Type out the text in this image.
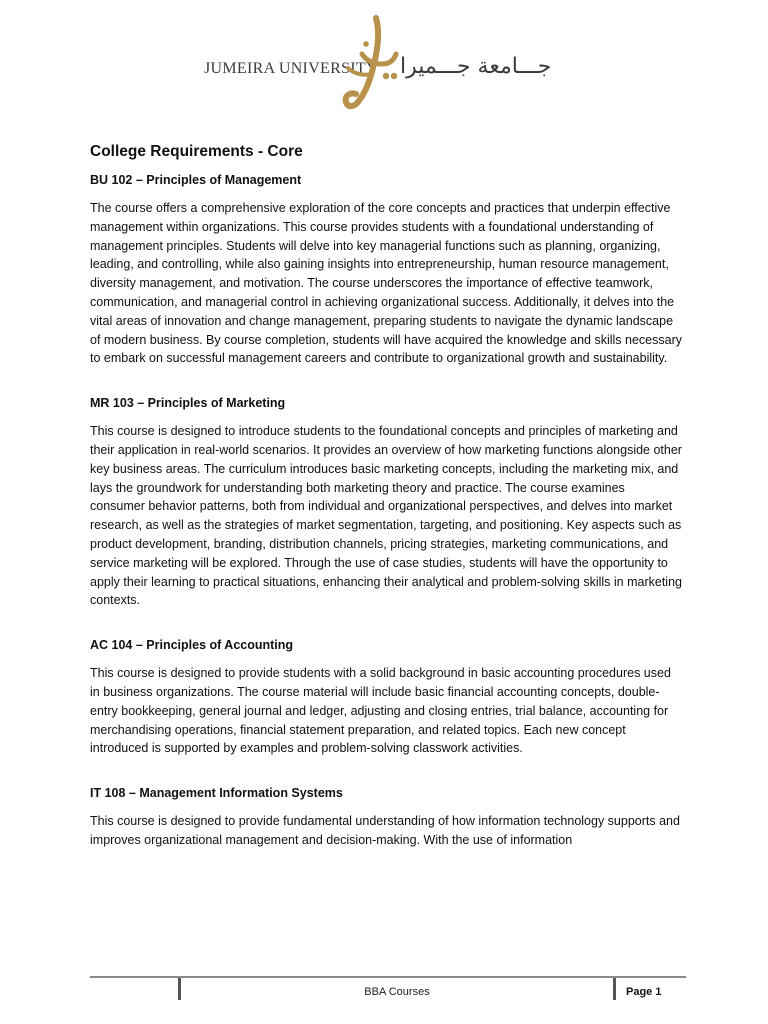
JUMEIRA UNIVERSITY جـــامعة جـــميرا
College Requirements - Core

BU 102 – Principles of Management

The course offers a comprehensive exploration of the core concepts and practices that underpin effective management within organizations. This course provides students with a foundational understanding of management principles. Students will delve into key managerial functions such as planning, organizing, leading, and controlling, while also gaining insights into entrepreneurship, human resource management, diversity management, and motivation. The course underscores the importance of effective teamwork, communication, and managerial control in achieving organizational success. Additionally, it delves into the vital areas of innovation and change management, preparing students to navigate the dynamic landscape of modern business. By course completion, students will have acquired the knowledge and skills necessary to embark on successful management careers and contribute to organizational growth and sustainability.

MR 103 – Principles of Marketing

This course is designed to introduce students to the foundational concepts and principles of marketing and their application in real-world scenarios. It provides an overview of how marketing functions alongside other key business areas. The curriculum introduces basic marketing concepts, including the marketing mix, and lays the groundwork for understanding both marketing theory and practice. The course examines consumer behavior patterns, both from individual and organizational perspectives, and delves into market research, as well as the strategies of market segmentation, targeting, and positioning. Key aspects such as product development, branding, distribution channels, pricing strategies, marketing communications, and service marketing will be explored. Through the use of case studies, students will have the opportunity to apply their learning to practical situations, enhancing their analytical and problem-solving skills in marketing contexts.

AC 104 – Principles of Accounting

This course is designed to provide students with a solid background in basic accounting procedures used in business organizations. The course material will include basic financial accounting concepts, double-entry bookkeeping, general journal and ledger, adjusting and closing entries, trial balance, accounting for merchandising operations, financial statement preparation, and related topics. Each new concept introduced is supported by examples and problem-solving classwork activities.

IT 108 – Management Information Systems

This course is designed to provide fundamental understanding of how information technology supports and improves organizational management and decision-making. With the use of information

BBA Courses	Page 1
